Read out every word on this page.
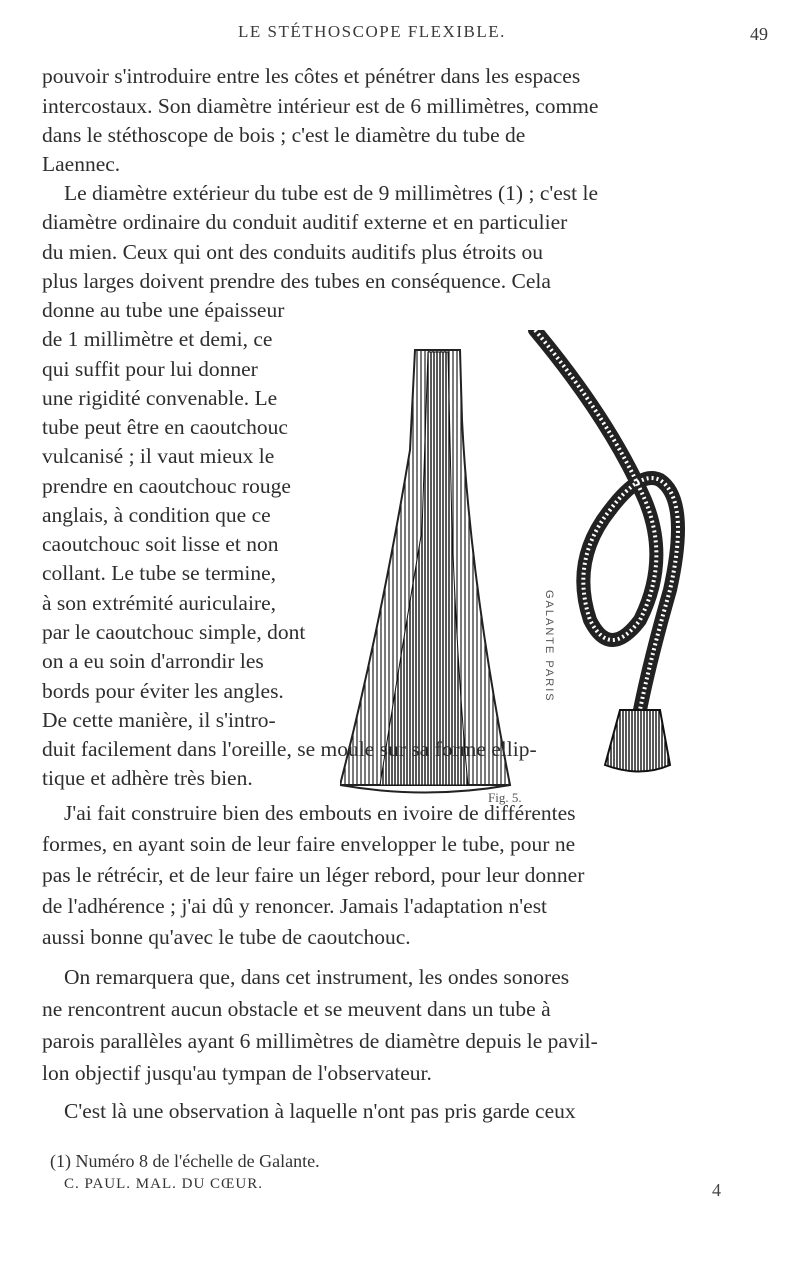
LE STÉTHOSCOPE FLEXIBLE.	49
pouvoir s'introduire entre les côtes et pénétrer dans les espaces
intercostaux. Son diamètre intérieur est de 6 millimètres, comme
dans le stéthoscope de bois ; c'est le diamètre du tube de
Laennec.
Le diamètre extérieur du tube est de 9 millimètres (1) ; c'est le
diamètre ordinaire du conduit auditif externe et en particulier
du mien. Ceux qui ont des conduits auditifs plus étroits ou
plus larges doivent prendre des tubes en conséquence. Cela
donne au tube une épaisseur
de 1 millimètre et demi, ce
qui suffit pour lui donner
une rigidité convenable. Le
tube peut être en caoutchouc
vulcanisé ; il vaut mieux le
prendre en caoutchouc rouge
anglais, à condition que ce
caoutchouc soit lisse et non
collant. Le tube se termine,
à son extrémité auriculaire,
par le caoutchouc simple, dont
on a eu soin d'arrondir les
bords pour éviter les angles.
De cette manière, il s'intro-
GALANTE PARIS
Fig. 5.
duit facilement dans l'oreille, se moule sur sa forme ellip-
tique et adhère très bien.
J'ai fait construire bien des embouts en ivoire de différentes
formes, en ayant soin de leur faire envelopper le tube, pour ne
pas le rétrécir, et de leur faire un léger rebord, pour leur donner
de l'adhérence ; j'ai dû y renoncer. Jamais l'adaptation n'est
aussi bonne qu'avec le tube de caoutchouc.
On remarquera que, dans cet instrument, les ondes sonores
ne rencontrent aucun obstacle et se meuvent dans un tube à
parois parallèles ayant 6 millimètres de diamètre depuis le pavil-
lon objectif jusqu'au tympan de l'observateur.
C'est là une observation à laquelle n'ont pas pris garde ceux
(1) Numéro 8 de l'échelle de Galante.
C. PAUL. MAL. DU CŒUR.	4
